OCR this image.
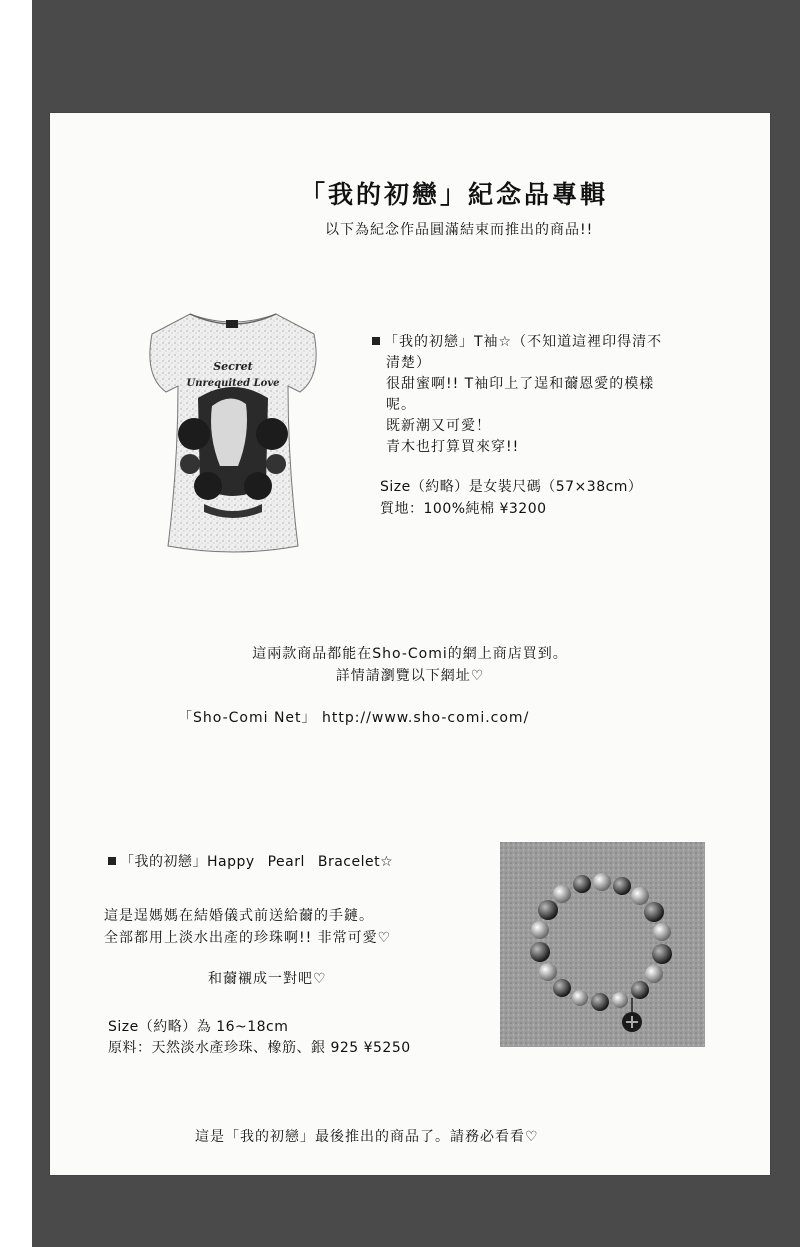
「我的初戀」紀念品專輯
以下為紀念作品圓滿結束而推出的商品!!
Secret
Unrequited Love
「我的初戀」T袖☆（不知道這裡印得清不
清楚）
很甜蜜啊!! T袖印上了逞和薾恩愛的模樣
呢。
既新潮又可愛！
青木也打算買來穿!!
Size（約略）是女裝尺碼（57×38cm）
質地：100%純棉 ¥3200
這兩款商品都能在Sho-Comi的網上商店買到。
詳情請瀏覽以下網址♡
「Sho-Comi Net」 http://www.sho-comi.com/
「我的初戀」Happy Pearl Bracelet☆
這是逞媽媽在結婚儀式前送給薾的手鏈。
全部都用上淡水出產的珍珠啊!! 非常可愛♡
和薾襯成一對吧♡
Size（約略）為 16~18cm
原料：天然淡水產珍珠、橡筋、銀 925 ¥5250
這是「我的初戀」最後推出的商品了。請務必看看♡
